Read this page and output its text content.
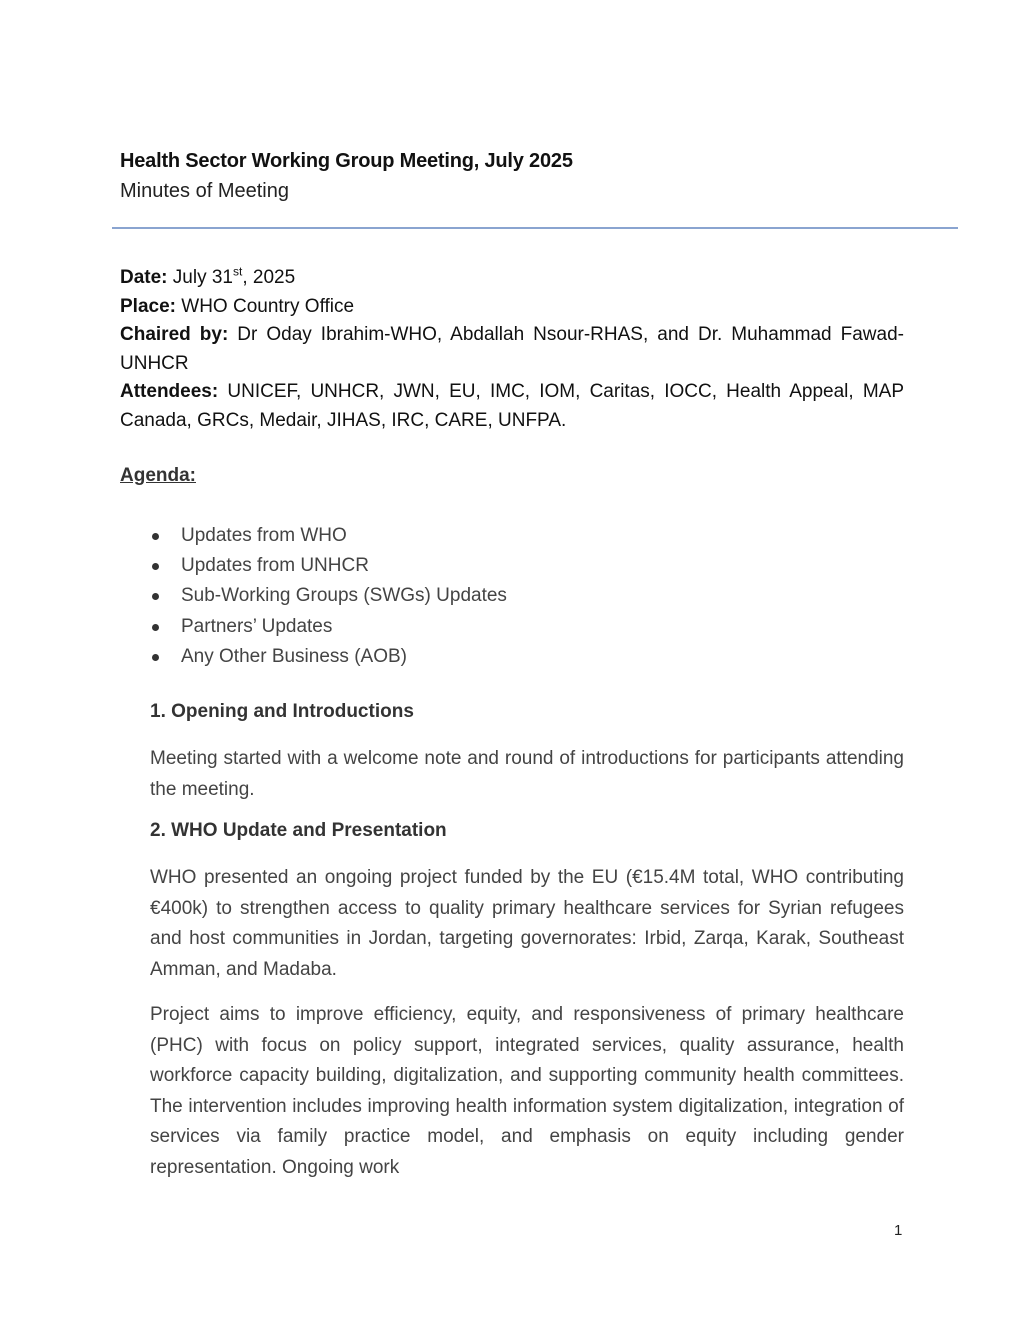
Health Sector Working Group Meeting, July 2025
Minutes of Meeting

Date: July 31st, 2025

Place: WHO Country Office

Chaired by: Dr Oday Ibrahim-WHO, Abdallah Nsour-RHAS, and Dr. Muhammad Fawad-UNHCR

Attendees: UNICEF, UNHCR, JWN, EU, IMC, IOM, Caritas, IOCC, Health Appeal, MAP Canada, GRCs, Medair, JIHAS, IRC, CARE, UNFPA.

Agenda:
Updates from WHO
Updates from UNHCR
Sub-Working Groups (SWGs) Updates
Partners’ Updates
Any Other Business (AOB)
1. Opening and Introductions

Meeting started with a welcome note and round of introductions for participants attending the meeting.

2. WHO Update and Presentation

WHO presented an ongoing project funded by the EU (€15.4M total, WHO contributing €400k) to strengthen access to quality primary healthcare services for Syrian refugees and host communities in Jordan, targeting governorates: Irbid, Zarqa, Karak, Southeast Amman, and Madaba.

Project aims to improve efficiency, equity, and responsiveness of primary healthcare (PHC) with focus on policy support, integrated services, quality assurance, health workforce capacity building, digitalization, and supporting community health committees. The intervention includes improving health information system digitalization, integration of services via family practice model, and emphasis on equity including gender representation. Ongoing work

1
